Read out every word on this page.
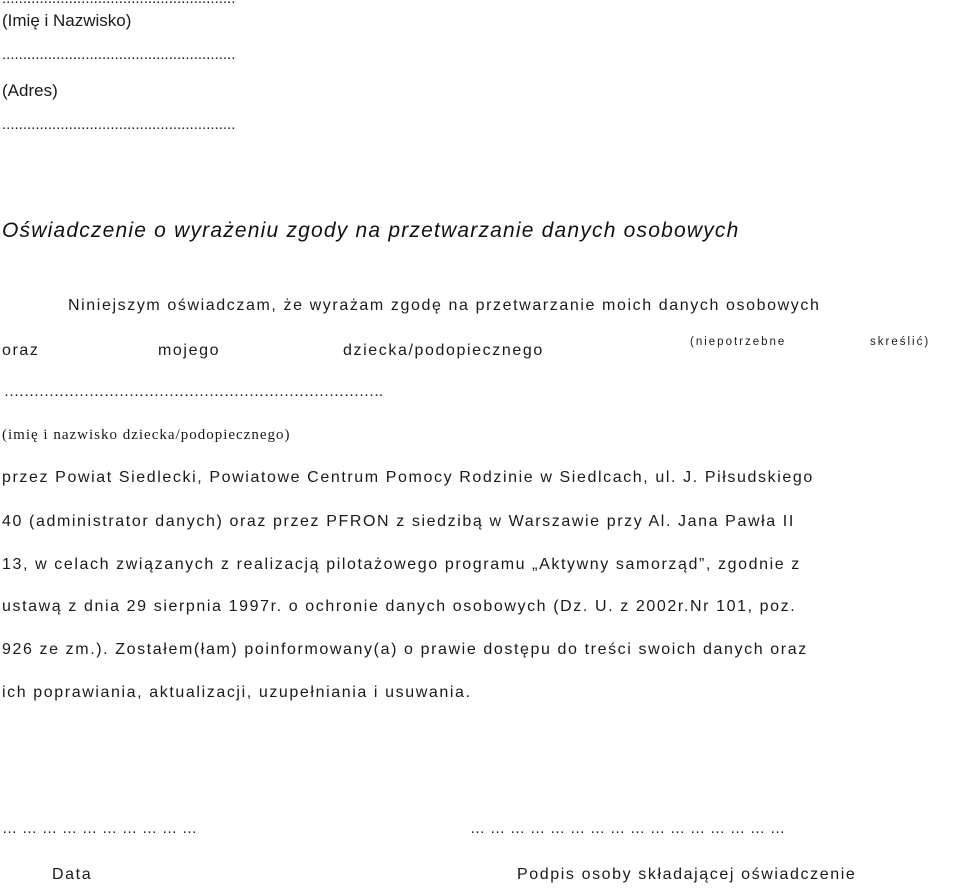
(Imię i Nazwisko)
........................................................
(Adres)
........................................................
Oświadczenie o wyrażeniu zgody na przetwarzanie danych osobowych
Niniejszym oświadczam, że wyrażam zgodę na przetwarzanie moich danych osobowych
oraz	mojego	dziecka/podopiecznego	(niepotrzebne	skreślić)
………………………………………………………………….
(imię i nazwisko dziecka/podopiecznego)
przez Powiat Siedlecki, Powiatowe Centrum Pomocy Rodzinie w Siedlcach, ul. J. Piłsudskiego
40 (administrator danych) oraz przez PFRON z siedzibą w Warszawie przy Al. Jana Pawła II
13, w celach związanych z realizacją pilotażowego programu „Aktywny samorząd”, zgodnie z
ustawą z dnia 29 sierpnia 1997r. o ochronie danych osobowych (Dz. U. z 2002r.Nr 101, poz.
926 ze zm.). Zostałem(łam) poinformowany(a) o prawie dostępu do treści swoich danych oraz
ich poprawiania, aktualizacji, uzupełniania i usuwania.
…………………………
Data
…………………………………………
Podpis osoby składającej oświadczenie
